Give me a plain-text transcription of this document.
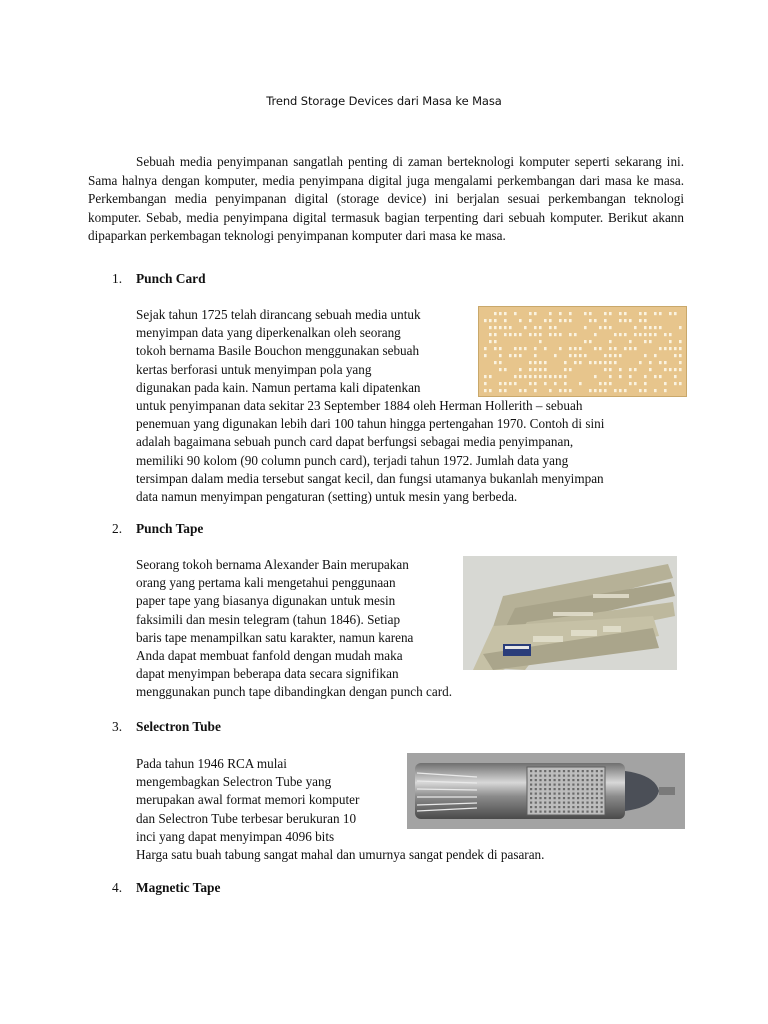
Trend Storage Devices dari Masa ke Masa
Sebuah media penyimpanan sangatlah penting di zaman berteknologi komputer seperti sekarang ini. Sama halnya dengan komputer, media penyimpana digital juga mengalami perkembangan dari masa ke masa. Perkembangan media penyimpanan digital (storage device) ini berjalan sesuai perkembangan teknologi komputer. Sebab, media penyimpana digital termasuk bagian terpenting dari sebuah komputer. Berikut akann dipaparkan perkembagan teknologi penyimpanan komputer dari masa ke masa.
1. Punch Card
Sejak tahun 1725 telah dirancang sebuah media untuk
menyimpan data yang diperkenalkan oleh seorang
tokoh bernama Basile Bouchon menggunakan sebuah
kertas berforasi untuk menyimpan pola yang
digunakan pada kain. Namun pertama kali dipatenkan
untuk penyimpanan data sekitar 23 September 1884 oleh Herman Hollerith – sebuah
penemuan yang digunakan lebih dari 100 tahun hingga pertengahan 1970. Contoh di sini
adalah bagaimana sebuah punch card dapat berfungsi sebagai media penyimpanan,
memiliki 90 kolom (90 column punch card), terjadi tahun 1972. Jumlah data yang
tersimpan dalam media tersebut sangat kecil, dan fungsi utamanya bukanlah menyimpan
data namun menyimpan pengaturan (setting) untuk mesin yang berbeda.
2. Punch Tape
Seorang tokoh bernama Alexander Bain merupakan
orang yang pertama kali mengetahui penggunaan
paper tape yang biasanya digunakan untuk mesin
faksimili dan mesin telegram (tahun 1846). Setiap
baris tape menampilkan satu karakter, namun karena
Anda dapat membuat fanfold dengan mudah maka
dapat menyimpan beberapa data secara signifikan
menggunakan punch tape dibandingkan dengan punch card.
3. Selectron Tube
Pada tahun 1946 RCA mulai
mengembagkan Selectron Tube yang
merupakan awal format memori komputer
dan Selectron Tube terbesar berukuran 10
inci yang dapat menyimpan 4096 bits
Harga satu buah tabung sangat mahal dan umurnya sangat pendek di pasaran.
4. Magnetic Tape
